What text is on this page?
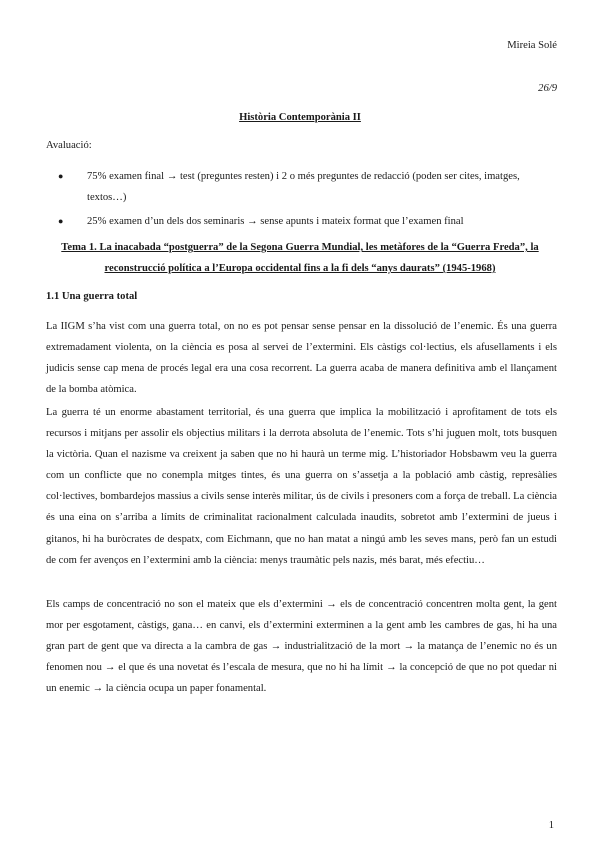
Mireia Solé
26/9
Història Contemporània II
Avaluació:
● 75% examen final → test (preguntes resten) i 2 o més preguntes de redacció (poden ser cites, imatges, textos…)
● 25% examen d’un dels dos seminaris → sense apunts i mateix format que l’examen final
Tema 1. La inacabada “postguerra” de la Segona Guerra Mundial, les metàfores de la “Guerra Freda”, la reconstrucció política a l’Europa occidental fins a la fi dels “anys daurats” (1945-1968)
1.1 Una guerra total

La IIGM s’ha vist com una guerra total, on no es pot pensar sense pensar en la dissolució de l’enemic. És una guerra extremadament violenta, on la ciència es posa al servei de l’extermini. Els càstigs col·lectius, els afusellaments i els judicis sense cap mena de procés legal era una cosa recorrent. La guerra acaba de manera definitiva amb el llançament de la bomba atòmica.

La guerra té un enorme abastament territorial, és una guerra que implica la mobilització i aprofitament de tots els recursos i mitjans per assolir els objectius militars i la derrota absoluta de l’enemic. Tots s’hi juguen molt, tots busquen la victòria. Quan el nazisme va creixent ja saben que no hi haurà un terme mig. L’historiador Hobsbawm veu la guerra com un conflicte que no conempla mitges tintes, és una guerra on s’assetja a la població amb càstig, represàlies col·lectives, bombardejos massius a civils sense interès militar, ús de civils i presoners com a força de treball. La ciència és una eina on s’arriba a límits de criminalitat racionalment calculada inaudits, sobretot amb l’extermini de jueus i gitanos, hi ha buròcrates de despatx, com Eichmann, que no han matat a ningú amb les seves mans, però fan un estudi de com fer avenços en l’extermini amb la ciència: menys traumàtic pels nazis, més barat, més efectiu…

Els camps de concentració no son el mateix que els d’extermini → els de concentració concentren molta gent, la gent mor per esgotament, càstigs, gana… en canvi, els d’extermini exterminen a la gent amb les cambres de gas, hi ha una gran part de gent que va directa a la cambra de gas → industrialització de la mort → la matança de l’enemic no és un fenomen nou → el que és una novetat és l’escala de mesura, que no hi ha límit → la concepció de que no pot quedar ni un enemic → la ciència ocupa un paper fonamental.

1
